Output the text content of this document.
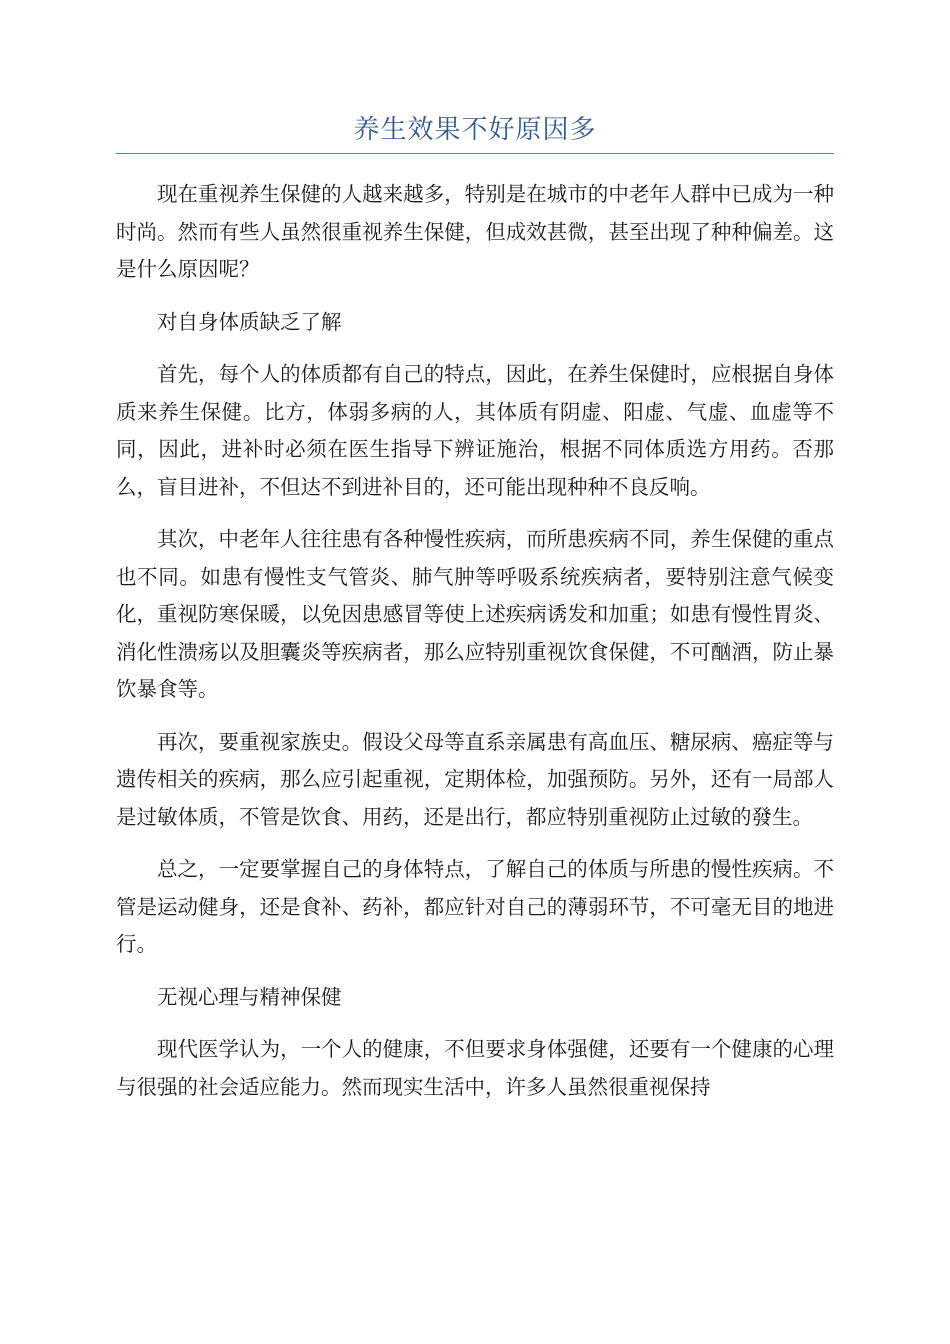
养生效果不好原因多

现在重视养生保健的人越来越多，特别是在城市的中老年人群中已成为一种时尚。然而有些人虽然很重视养生保健，但成效甚微，甚至出现了种种偏差。这是什么原因呢？

对自身体质缺乏了解

首先，每个人的体质都有自己的特点，因此，在养生保健时，应根据自身体质来养生保健。比方，体弱多病的人，其体质有阴虚、阳虚、气虚、血虚等不同，因此，进补时必须在医生指导下辨证施治，根据不同体质选方用药。否那么，盲目进补，不但达不到进补目的，还可能出现种种不良反响。

其次，中老年人往往患有各种慢性疾病，而所患疾病不同，养生保健的重点也不同。如患有慢性支气管炎、肺气肿等呼吸系统疾病者，要特别注意气候变化，重视防寒保暖，以免因患感冒等使上述疾病诱发和加重；如患有慢性胃炎、消化性溃疡以及胆囊炎等疾病者，那么应特别重视饮食保健，不可酗酒，防止暴饮暴食等。

再次，要重视家族史。假设父母等直系亲属患有高血压、糖尿病、癌症等与遗传相关的疾病，那么应引起重视，定期体检，加强预防。另外，还有一局部人是过敏体质，不管是饮食、用药，还是出行，都应特别重视防止过敏的發生。

总之，一定要掌握自己的身体特点，了解自己的体质与所患的慢性疾病。不管是运动健身，还是食补、药补，都应针对自己的薄弱环节，不可毫无目的地进行。

无视心理与精神保健

现代医学认为，一个人的健康，不但要求身体强健，还要有一个健康的心理与很强的社会适应能力。然而现实生活中，许多人虽然很重视保持
